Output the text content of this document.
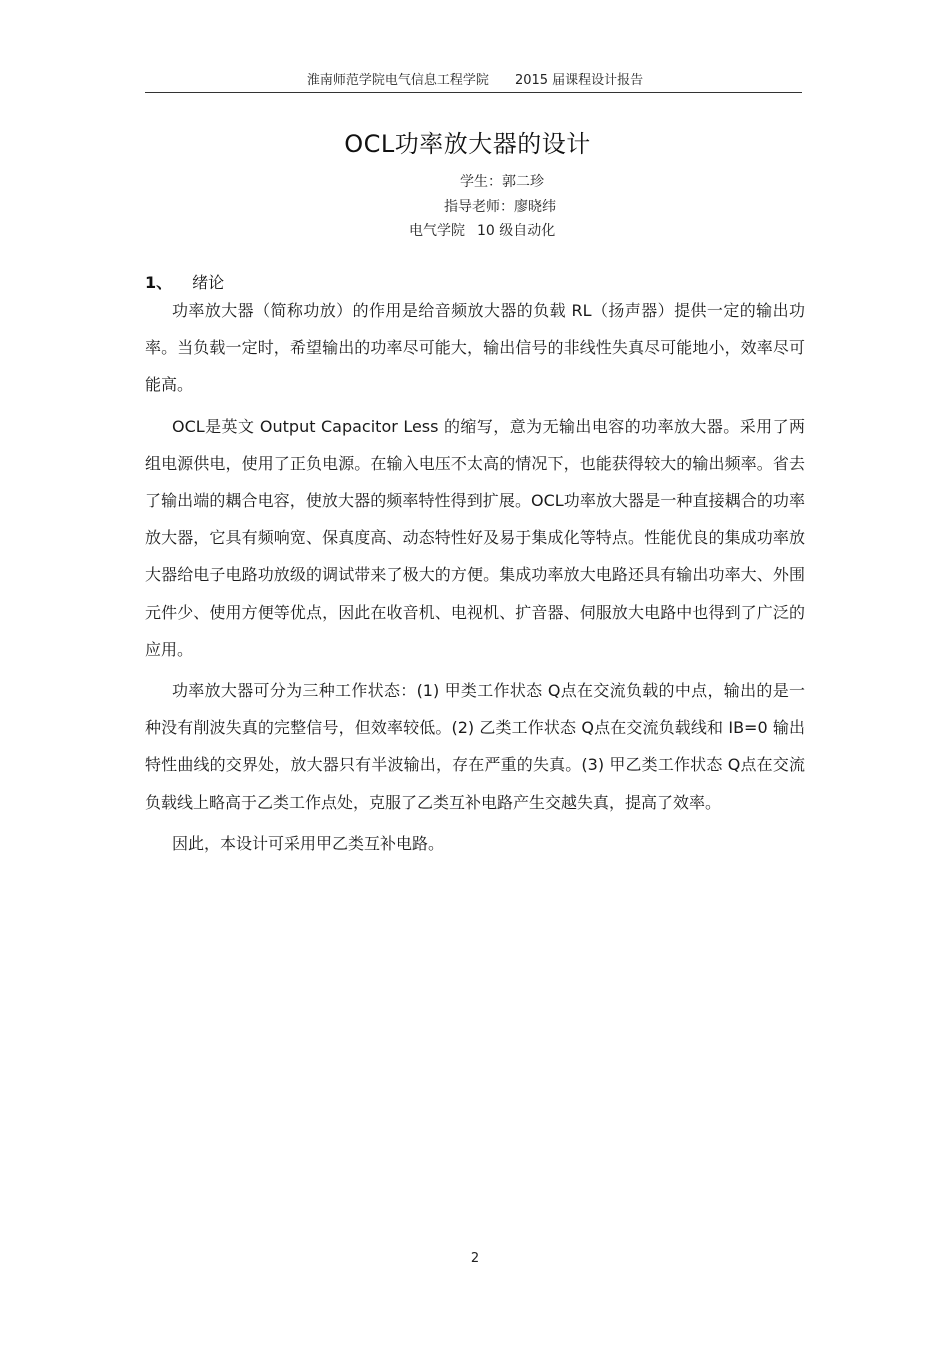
淮南师范学院电气信息工程学院 2015 届课程设计报告
OCL功率放大器的设计
学生：郭二珍
指导老师：廖晓纬
电气学院 10 级自动化
1、 绪论

功率放大器（简称功放）的作用是给音频放大器的负载 RL（扬声器）提供一定的输出功率。当负载一定时，希望输出的功率尽可能大，输出信号的非线性失真尽可能地小，效率尽可能高。

OCL是英文 Output Capacitor Less 的缩写，意为无输出电容的功率放大器。采用了两组电源供电，使用了正负电源。在输入电压不太高的情况下，也能获得较大的输出频率。省去了输出端的耦合电容，使放大器的频率特性得到扩展。OCL功率放大器是一种直接耦合的功率放大器，它具有频响宽、保真度高、动态特性好及易于集成化等特点。性能优良的集成功率放大器给电子电路功放级的调试带来了极大的方便。集成功率放大电路还具有输出功率大、外围元件少、使用方便等优点，因此在收音机、电视机、扩音器、伺服放大电路中也得到了广泛的应用。

功率放大器可分为三种工作状态：(1) 甲类工作状态 Q点在交流负载的中点，输出的是一种没有削波失真的完整信号，但效率较低。(2) 乙类工作状态 Q点在交流负载线和 IB=0 输出特性曲线的交界处，放大器只有半波输出，存在严重的失真。(3) 甲乙类工作状态 Q点在交流负载线上略高于乙类工作点处，克服了乙类互补电路产生交越失真，提高了效率。

因此，本设计可采用甲乙类互补电路。

2
